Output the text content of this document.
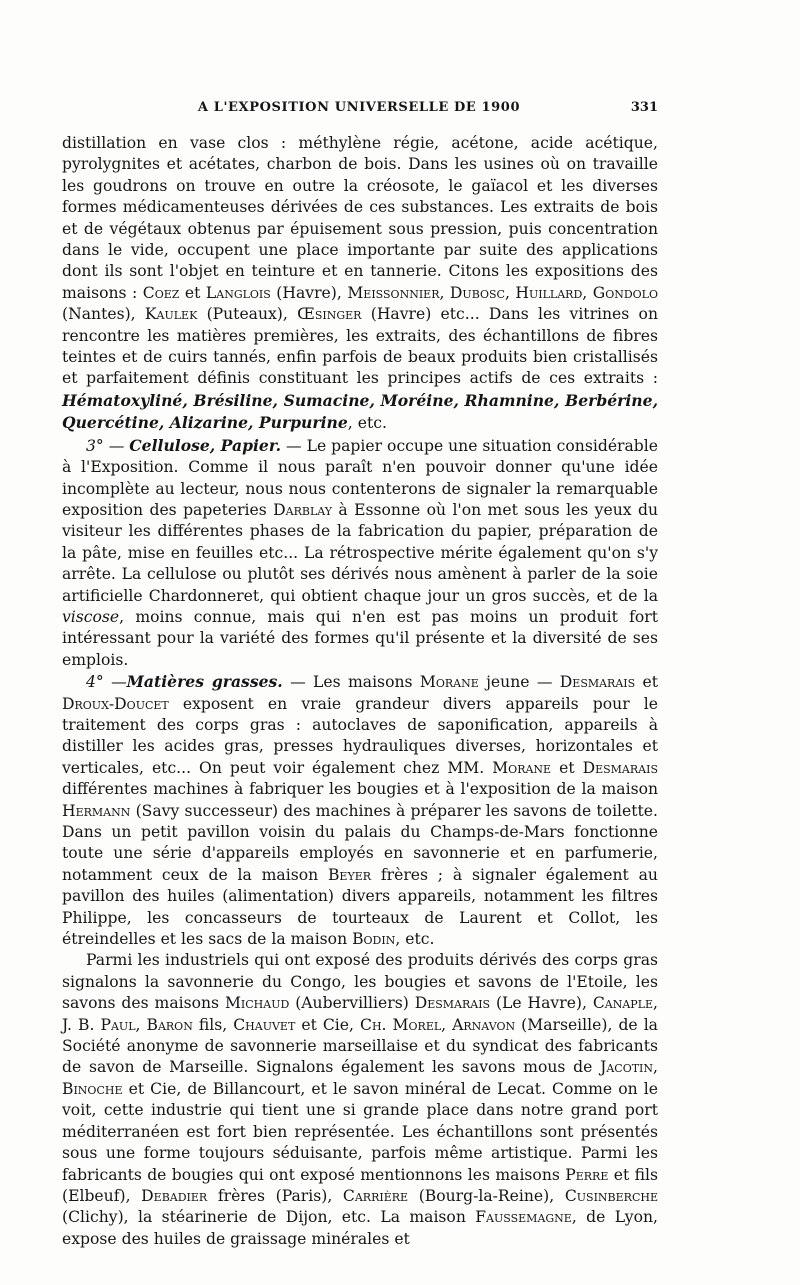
A L'EXPOSITION UNIVERSELLE DE 1900	331

distillation en vase clos : méthylène régie, acétone, acide acétique, pyrolygnites et acétates, charbon de bois. Dans les usines où on travaille les goudrons on trouve en outre la créosote, le gaïacol et les diverses formes médicamenteuses dérivées de ces substances. Les extraits de bois et de végétaux obtenus par épuisement sous pression, puis concentration dans le vide, occupent une place importante par suite des applications dont ils sont l'objet en teinture et en tannerie. Citons les expositions des maisons : Coez et Langlois (Havre), Meissonnier, Dubosc, Huillard, Gondolo (Nantes), Kaulek (Puteaux), Œsinger (Havre) etc... Dans les vitrines on rencontre les matières premières, les extraits, des échantillons de fibres teintes et de cuirs tannés, enfin parfois de beaux produits bien cristallisés et parfaitement définis constituant les principes actifs de ces extraits : Hématoxyliné, Brésiline, Sumacine, Moréine, Rhamnine, Berbérine, Quercétine, Alizarine, Purpurine, etc.

3° — Cellulose, Papier. — Le papier occupe une situation considérable à l'Exposition. Comme il nous paraît n'en pouvoir donner qu'une idée incomplète au lecteur, nous nous contenterons de signaler la remarquable exposition des papeteries Darblay à Essonne où l'on met sous les yeux du visiteur les différentes phases de la fabrication du papier, préparation de la pâte, mise en feuilles etc... La rétrospective mérite également qu'on s'y arrête. La cellulose ou plutôt ses dérivés nous amènent à parler de la soie artificielle Chardonneret, qui obtient chaque jour un gros succès, et de la viscose, moins connue, mais qui n'en est pas moins un produit fort intéressant pour la variété des formes qu'il présente et la diversité de ses emplois.

4° —Matières grasses. — Les maisons Morane jeune — Desmarais et Droux-Doucet exposent en vraie grandeur divers appareils pour le traitement des corps gras : autoclaves de saponification, appareils à distiller les acides gras, presses hydrauliques diverses, horizontales et verticales, etc... On peut voir également chez MM. Morane et Desmarais différentes machines à fabriquer les bougies et à l'exposition de la maison Hermann (Savy successeur) des machines à préparer les savons de toilette. Dans un petit pavillon voisin du palais du Champs-de-Mars fonctionne toute une série d'appareils employés en savonnerie et en parfumerie, notamment ceux de la maison Beyer frères ; à signaler également au pavillon des huiles (alimentation) divers appareils, notamment les filtres Philippe, les concasseurs de tourteaux de Laurent et Collot, les étreindelles et les sacs de la maison Bodin, etc.

Parmi les industriels qui ont exposé des produits dérivés des corps gras signalons la savonnerie du Congo, les bougies et savons de l'Etoile, les savons des maisons Michaud (Aubervilliers) Desmarais (Le Havre), Canaple, J. B. Paul, Baron fils, Chauvet et Cie, Ch. Morel, Arnavon (Marseille), de la Société anonyme de savonnerie marseillaise et du syndicat des fabricants de savon de Marseille. Signalons également les savons mous de Jacotin, Binoche et Cie, de Billancourt, et le savon minéral de Lecat. Comme on le voit, cette industrie qui tient une si grande place dans notre grand port méditerranéen est fort bien représentée. Les échantillons sont présentés sous une forme toujours séduisante, parfois même artistique. Parmi les fabricants de bougies qui ont exposé mentionnons les maisons Perre et fils (Elbeuf), Debadier frères (Paris), Carrière (Bourg-la-Reine), Cusinberche (Clichy), la stéarinerie de Dijon, etc. La maison Faussemagne, de Lyon, expose des huiles de graissage minérales et
